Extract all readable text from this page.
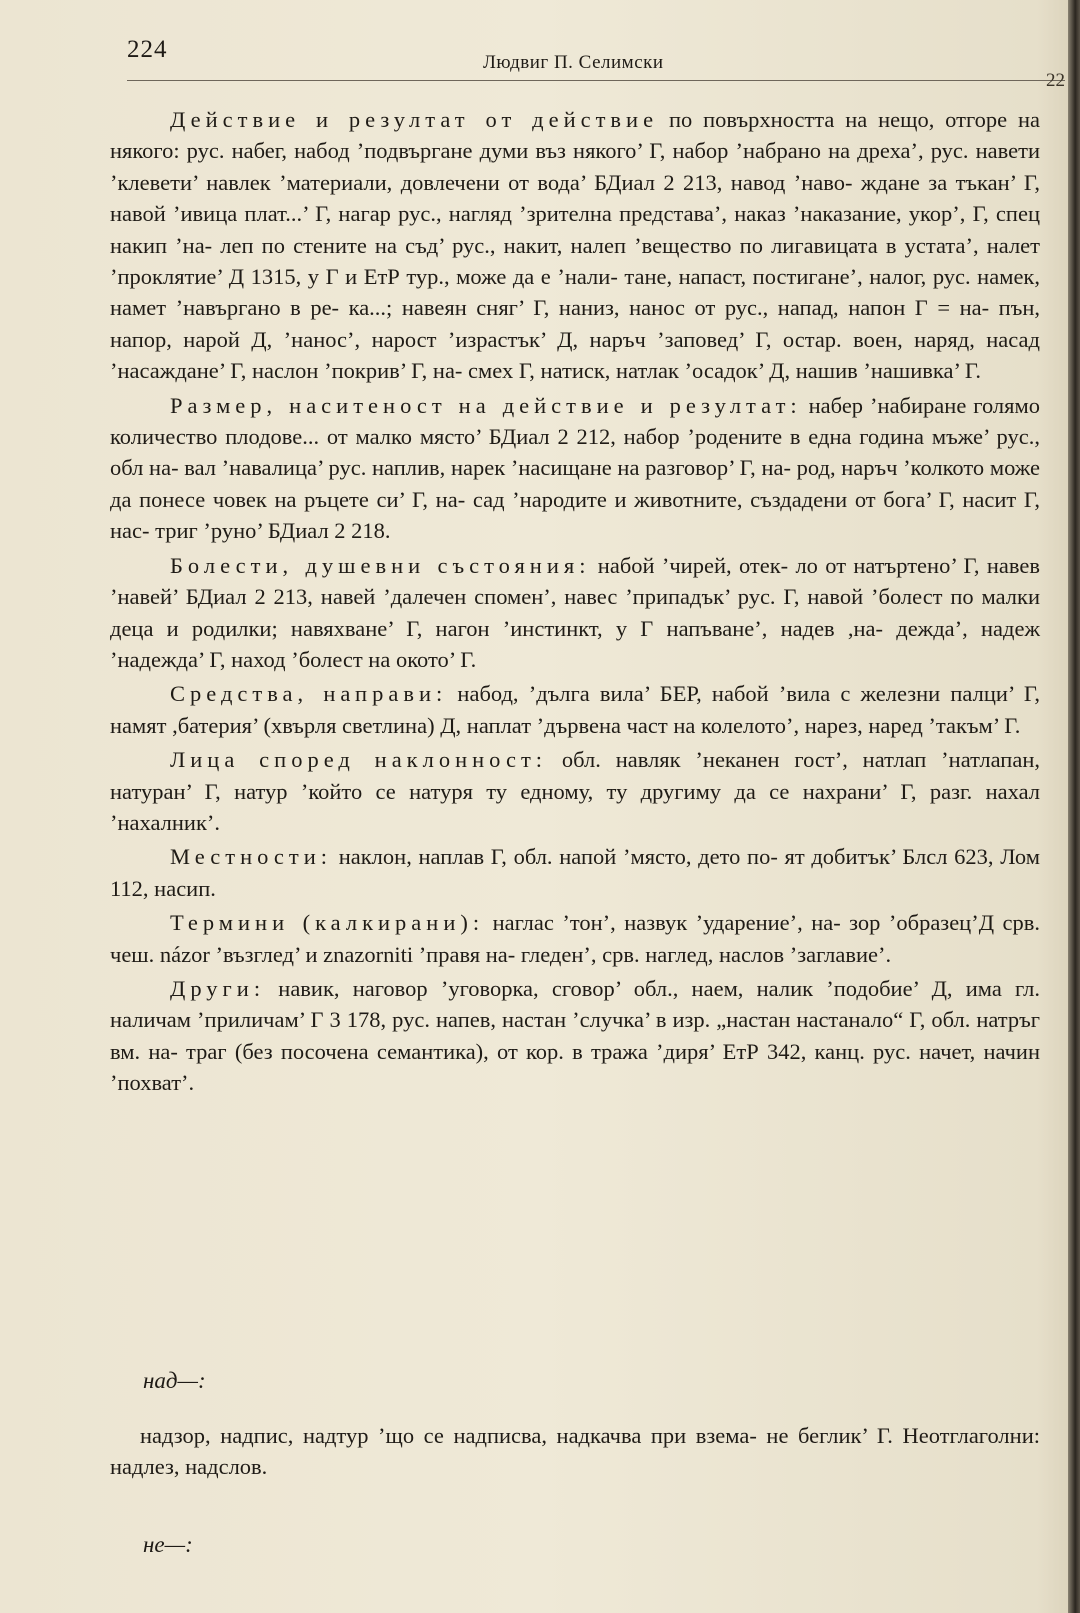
224	Людвиг П. Селимски
22

Действие и резултат от действие по повърхността на нещо, отгоре на някого: рус. набег, набод ’подвъргане думи въз някого’ Г, набор ’набрано на дреха’, рус. навети ’клевети’ навлек ’материали, довлечени от вода’ БДиал 2 213, навод ’наво- ждане за тъкан’ Г, навой ’ивица плат...’ Г, нагар рус., нагляд ’зрителна представа’, наказ ’наказание, укор’, Г, спец накип ’на- леп по стените на съд’ рус., накит, налеп ’вещество по лигавицата в устата’, налет ’проклятие’ Д 1315, у Г и ЕтР тур., може да е ’нали- тане, напаст, постигане’, налог, рус. намек, намет ’навъргано в ре- ка...; навеян сняг’ Г, наниз, нанос от рус., напад, напон Г = на- пън, напор, нарой Д, ’нанос’, нарост ’израстък’ Д, наръч ’заповед’ Г, остар. воен, наряд, насад ’насаждане’ Г, наслон ’покрив’ Г, на- смех Г, натиск, натлак ’осадок’ Д, нашив ’нашивка’ Г.

Размер, наситеност на действие и резултат: набер ’набиране голямо количество плодове... от малко място’ БДиал 2 212, набор ’родените в една година мъже’ рус., обл на- вал ’навалица’ рус. наплив, нарек ’насищане на разговор’ Г, на- род, наръч ’колкото може да понесе човек на ръцете си’ Г, на- сад ’народите и животните, създадени от бога’ Г, насит Г, нас- триг ’руно’ БДиал 2 218.

Болести, душевни състояния: набой ’чирей, отек- ло от натъртено’ Г, навев ’навей’ БДиал 2 213, навей ’далечен спомен’, навес ’припадък’ рус. Г, навой ’болест по малки деца и родилки; навяхване’ Г, нагон ’инстинкт, у Г напъване’, надев ,на- дежда’, надеж ’надежда’ Г, наход ’болест на окото’ Г.

Средства, направи: набод, ’дълга вила’ БЕР, набой ’вила с железни палци’ Г, намят ,батерия’ (хвърля светлина) Д, наплат ’дървена част на колелото’, нарез, наред ’такъм’ Г.

Лица според наклонност: обл. навляк ’неканен гост’, натлап ’натлапан, натуран’ Г, натур ’който се натуря ту едному, ту другиму да се нахрани’ Г, разг. нахал ’нахалник’.

Местности: наклон, наплав Г, обл. напой ’място, дето по- ят добитък’ Блсл 623, Лом 112, насип.

Термини (калкирани): наглас ’тон’, назвук ’ударение’, на- зор ’образец’Д срв. чеш. názor ’възглед’ и znazorniti ’правя на- гледен’, срв. наглед, наслов ’заглавие’.

Други: навик, наговор ’уговорка, сговор’ обл., наем, налик ’подобие’ Д, има гл. наличам ’приличам’ Г 3 178, рус. напев, настан ’случка’ в изр. „настан настанало“ Г, обл. натръг вм. на- траг (без посочена семантика), от кор. в тража ’диря’ ЕтР 342, канц. рус. начет, начин ’похват’.

над—:

надзор, надпис, надтур ’що се надписва, надкачва при взема- не беглик’ Г. Неотглаголни: надлез, надслов.

не—:
